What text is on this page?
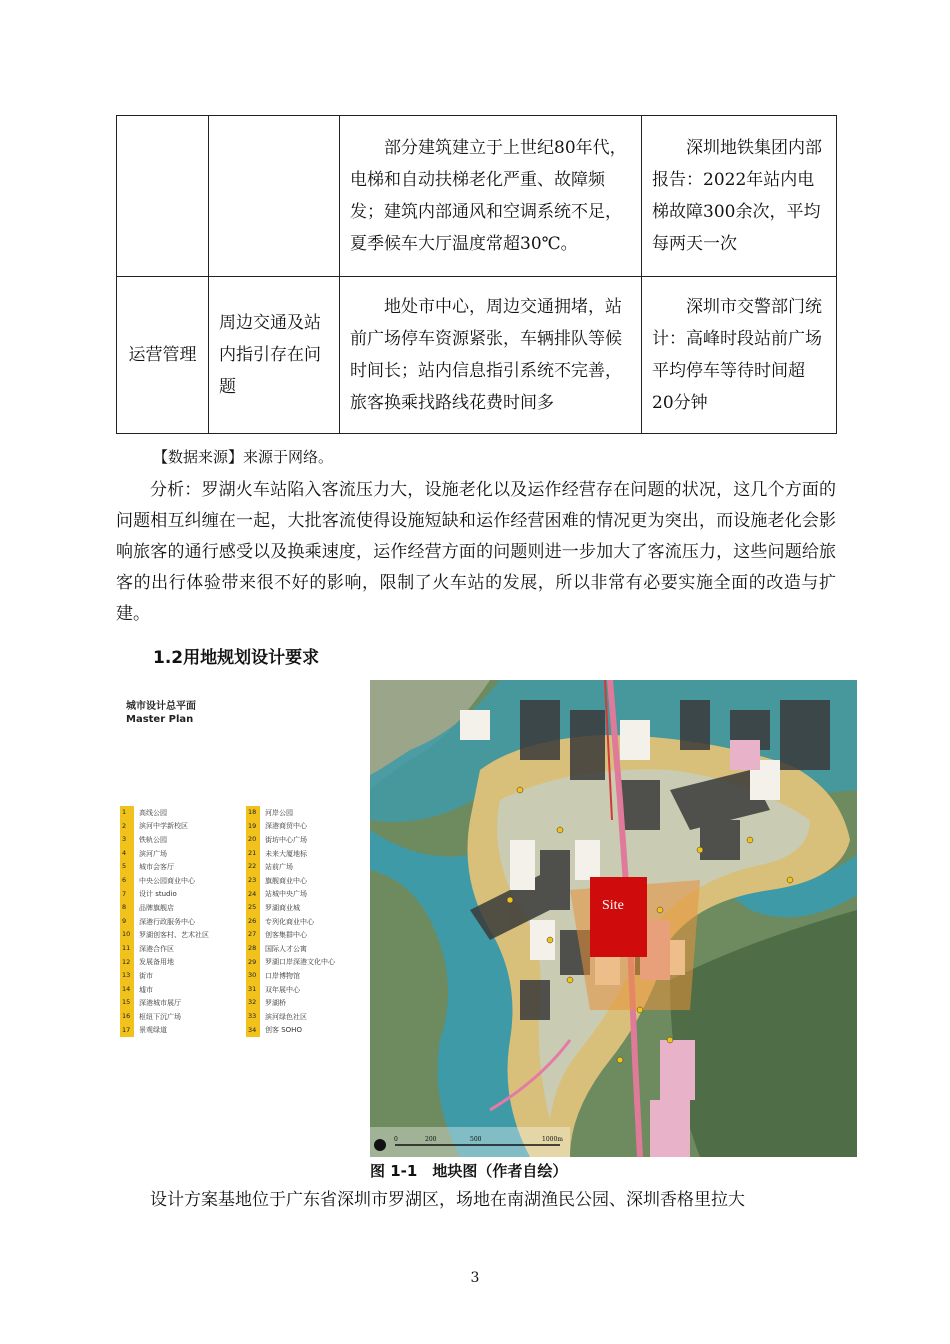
		部分建筑建立于上世纪80年代，电梯和自动扶梯老化严重、故障频发；建筑内部通风和空调系统不足，夏季候车大厅温度常超30℃。	深圳地铁集团内部报告：2022年站内电梯故障300余次，平均每两天一次
运营管理	周边交通及站内指引存在问题	地处市中心，周边交通拥堵，站前广场停车资源紧张，车辆排队等候时间长；站内信息指引系统不完善，旅客换乘找路线花费时间多	深圳市交警部门统计：高峰时段站前广场平均停车等待时间超20分钟
【数据来源】来源于网络。

分析：罗湖火车站陷入客流压力大，设施老化以及运作经营存在问题的状况，这几个方面的问题相互纠缠在一起，大批客流使得设施短缺和运作经营困难的情况更为突出，而设施老化会影响旅客的通行感受以及换乘速度，运作经营方面的问题则进一步加大了客流压力，这些问题给旅客的出行体验带来很不好的影响，限制了火车站的发展，所以非常有必要实施全面的改造与扩建。

1.2用地规划设计要求
城市设计总平面
Master Plan
1	高线公园
2	滨河中学新校区
3	铁轨公园
4	滨河广场
5	城市会客厅
6	中央公园商业中心
7	设计 studio
8	品牌旗舰店
9	深港行政服务中心
10	罗湖创客村、艺术社区
11	深港合作区
12	发展备用地
13	街市
14	墟市
15	深港城市展厅
16	枢纽下沉广场
17	景观绿道
18	河岸公园
19	深港商贸中心
20	街坊中心广场
21	未来大厦地标
22	站前广场
23	旗舰商业中心
24	站城中央广场
25	罗湖商业城
26	专列化商业中心
27	创客集群中心
28	国际人才公寓
29	罗湖口岸深港文化中心
30	口岸博物馆
31	双年展中心
32	罗湖桥
33	滨河绿色社区
34	创客 SOHO
Site
0	200	500	1000m
图 1-1　地块图（作者自绘）

设计方案基地位于广东省深圳市罗湖区，场地在南湖渔民公园、深圳香格里拉大

3
